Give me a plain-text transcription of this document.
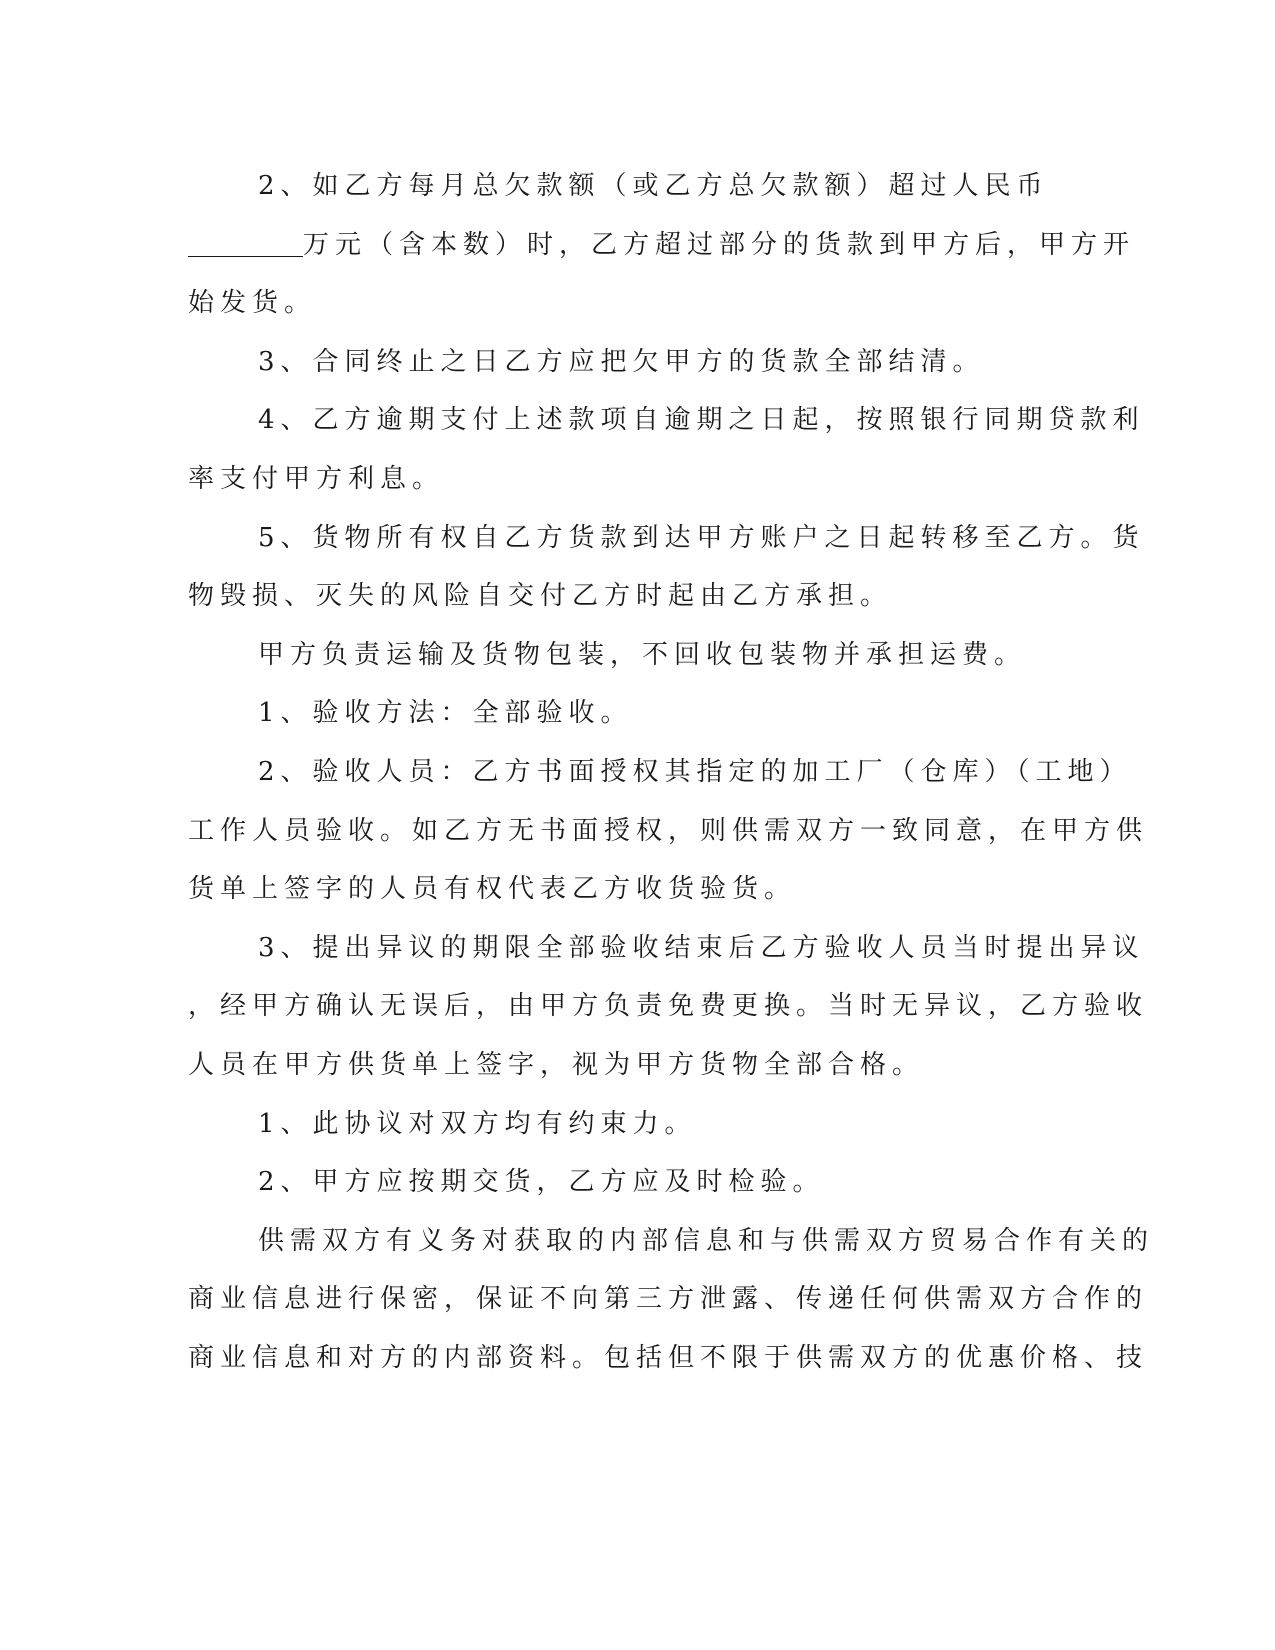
2、如乙方每月总欠款额（或乙方总欠款额）超过人民币
万元（含本数）时，乙方超过部分的货款到甲方后，甲方开
始发货。
3、合同终止之日乙方应把欠甲方的货款全部结清。
4、乙方逾期支付上述款项自逾期之日起，按照银行同期贷款利
率支付甲方利息。
5、货物所有权自乙方货款到达甲方账户之日起转移至乙方。货
物毁损、灭失的风险自交付乙方时起由乙方承担。
甲方负责运输及货物包装，不回收包装物并承担运费。
1、验收方法：全部验收。
2、验收人员：乙方书面授权其指定的加工厂（仓库）（工地）
工作人员验收。如乙方无书面授权，则供需双方一致同意，在甲方供
货单上签字的人员有权代表乙方收货验货。
3、提出异议的期限全部验收结束后乙方验收人员当时提出异议
，经甲方确认无误后，由甲方负责免费更换。当时无异议，乙方验收
人员在甲方供货单上签字，视为甲方货物全部合格。
1、此协议对双方均有约束力。
2、甲方应按期交货，乙方应及时检验。
供需双方有义务对获取的内部信息和与供需双方贸易合作有关的
商业信息进行保密，保证不向第三方泄露、传递任何供需双方合作的
商业信息和对方的内部资料。包括但不限于供需双方的优惠价格、技
